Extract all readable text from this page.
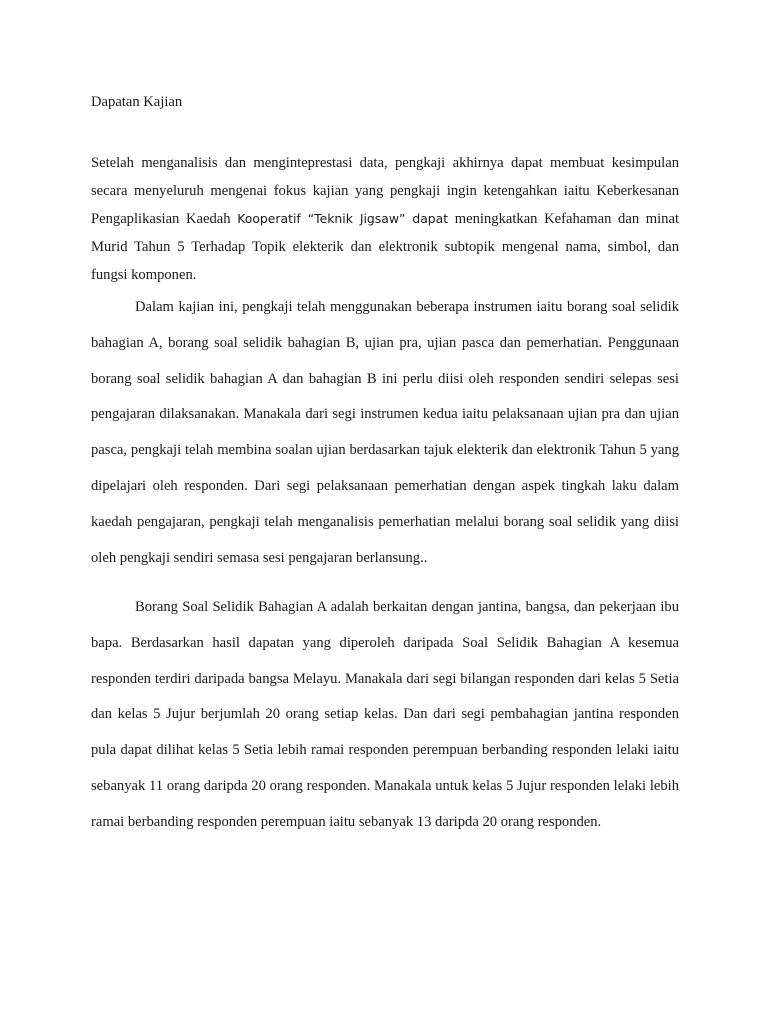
Dapatan Kajian

Setelah menganalisis dan menginteprestasi data, pengkaji akhirnya dapat membuat kesimpulan secara menyeluruh mengenai fokus kajian yang pengkaji ingin ketengahkan iaitu Keberkesanan Pengaplikasian Kaedah Kooperatif “Teknik Jigsaw” dapat meningkatkan Kefahaman dan minat Murid Tahun 5 Terhadap Topik elekterik dan elektronik subtopik mengenal nama, simbol, dan fungsi komponen.

Dalam kajian ini, pengkaji telah menggunakan beberapa instrumen iaitu borang soal selidik bahagian A, borang soal selidik bahagian B, ujian pra, ujian pasca dan pemerhatian. Penggunaan borang soal selidik bahagian A dan bahagian B ini perlu diisi oleh responden sendiri selepas sesi pengajaran dilaksanakan. Manakala dari segi instrumen kedua iaitu pelaksanaan ujian pra dan ujian pasca, pengkaji telah membina soalan ujian berdasarkan tajuk elekterik dan elektronik Tahun 5 yang dipelajari oleh responden. Dari segi pelaksanaan pemerhatian dengan aspek tingkah laku dalam kaedah pengajaran, pengkaji telah menganalisis pemerhatian melalui borang soal selidik yang diisi oleh pengkaji sendiri semasa sesi pengajaran berlansung..

Borang Soal Selidik Bahagian A adalah berkaitan dengan jantina, bangsa, dan pekerjaan ibu bapa. Berdasarkan hasil dapatan yang diperoleh daripada Soal Selidik Bahagian A kesemua responden terdiri daripada bangsa Melayu. Manakala dari segi bilangan responden dari kelas 5 Setia dan kelas 5 Jujur berjumlah 20 orang setiap kelas. Dan dari segi pembahagian jantina responden pula dapat dilihat kelas 5 Setia lebih ramai responden perempuan berbanding responden lelaki iaitu sebanyak 11 orang daripda 20 orang responden. Manakala untuk kelas 5 Jujur responden lelaki lebih ramai berbanding responden perempuan iaitu sebanyak 13 daripda 20 orang responden.
